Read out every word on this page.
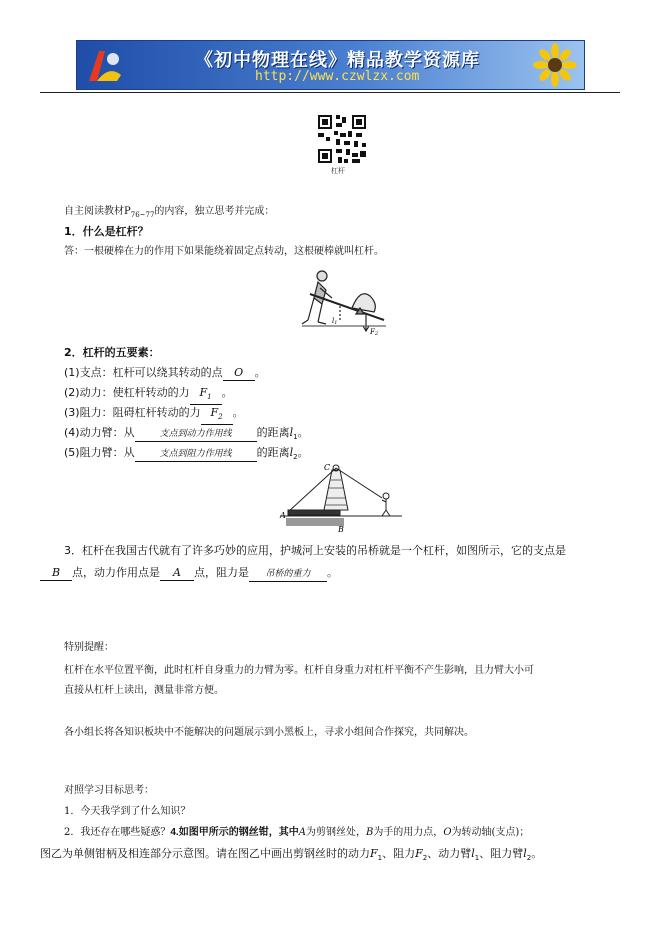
《初中物理在线》精品教学资源库
http://www.czwlzx.com
杠杆
自主阅读教材$P_{76\sim 77}$的内容，独立思考并完成：
1．什么是杠杆？
答：一根硬棒在力的作用下如果能绕着固定点转动，这根硬棒就叫杠杆。
l1
F2
2．杠杆的五要素：
(1)支点：杠杆可以绕其转动的点 O 。
(2)动力：使杠杆转动的力 $F_1$ 。
(3)阻力：阻碍杠杆转动的力 $F_2$ 。
(4)动力臂：从	支点到动力作用线 的距离$l_1$。
(5)阻力臂：从	支点到阻力作用线 的距离$l_2$。
A
B
C
3．杠杆在我国古代就有了许多巧妙的应用，护城河上安装的吊桥就是一个杠杆，如图所示，它的支点是
B 点，动力作用点是 A 点，阻力是 吊桥的重力 。
特别提醒：
杠杆在水平位置平衡，此时杠杆自身重力的力臂为零。杠杆自身重力对杠杆平衡不产生影响，且力臂大小可
直接从杠杆上读出，测量非常方便。
各小组长将各知识板块中不能解决的问题展示到小黑板上，寻求小组间合作探究，共同解决。
对照学习目标思考：
1．今天我学到了什么知识？
2．我还存在哪些疑惑？4.如图甲所示的钢丝钳，其中A为剪钢丝处，B为手的用力点，O为转动轴(支点)；
图乙为单侧钳柄及相连部分示意图。请在图乙中画出剪钢丝时的动力$F_1$、阻力$F_2$、动力臂$l_1$、阻力臂$l_2$。
